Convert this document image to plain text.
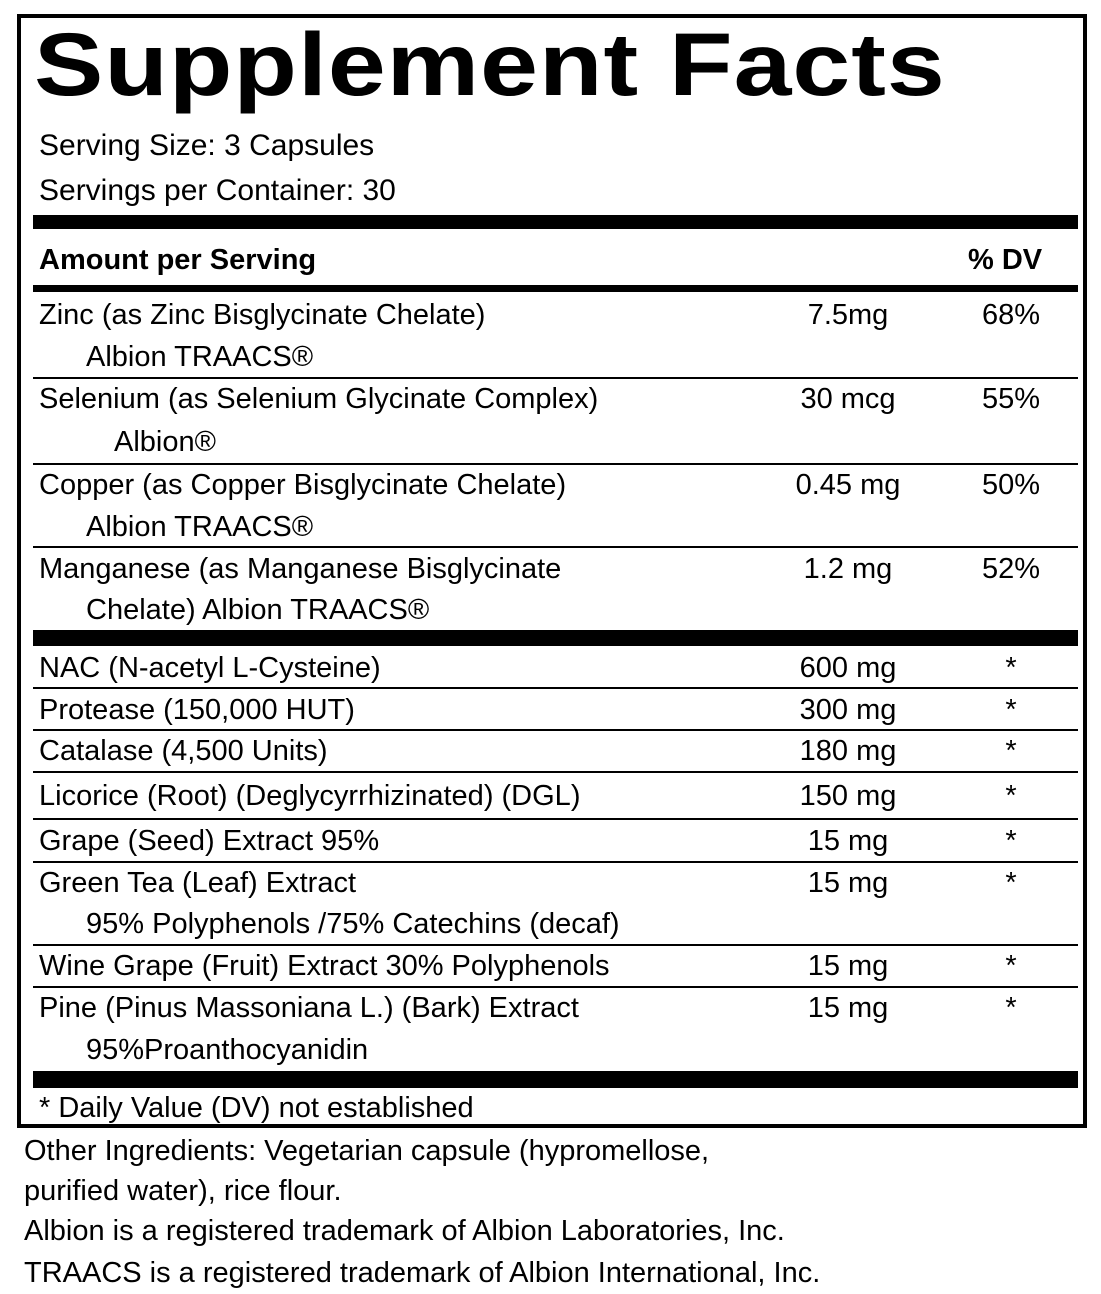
Supplement Facts
Serving Size: 3 Capsules
Servings per Container: 30
Amount per Serving	% DV
Zinc (as Zinc Bisglycinate Chelate)
Albion TRAACS®
7.5mg	68%
Selenium (as Selenium Glycinate Complex)
Albion®
30 mcg	55%
Copper (as Copper Bisglycinate Chelate)
Albion TRAACS®
0.45 mg	50%
Manganese (as Manganese Bisglycinate
Chelate) Albion TRAACS®
1.2 mg	52%
NAC (N-acetyl L-Cysteine)	600 mg	*
Protease (150,000 HUT)	300 mg	*
Catalase (4,500 Units)	180 mg	*
Licorice (Root) (Deglycyrrhizinated) (DGL)	150 mg	*
Grape (Seed) Extract 95%	15 mg	*
Green Tea (Leaf) Extract
95% Polyphenols /75% Catechins (decaf)
15 mg	*
Wine Grape (Fruit) Extract 30% Polyphenols	15 mg	*
Pine (Pinus Massoniana L.) (Bark) Extract
95%Proanthocyanidin
15 mg	*
* Daily Value (DV) not established
Other Ingredients: Vegetarian capsule (hypromellose,
purified water), rice flour.
Albion is a registered trademark of Albion Laboratories, Inc.
TRAACS is a registered trademark of Albion International, Inc.
